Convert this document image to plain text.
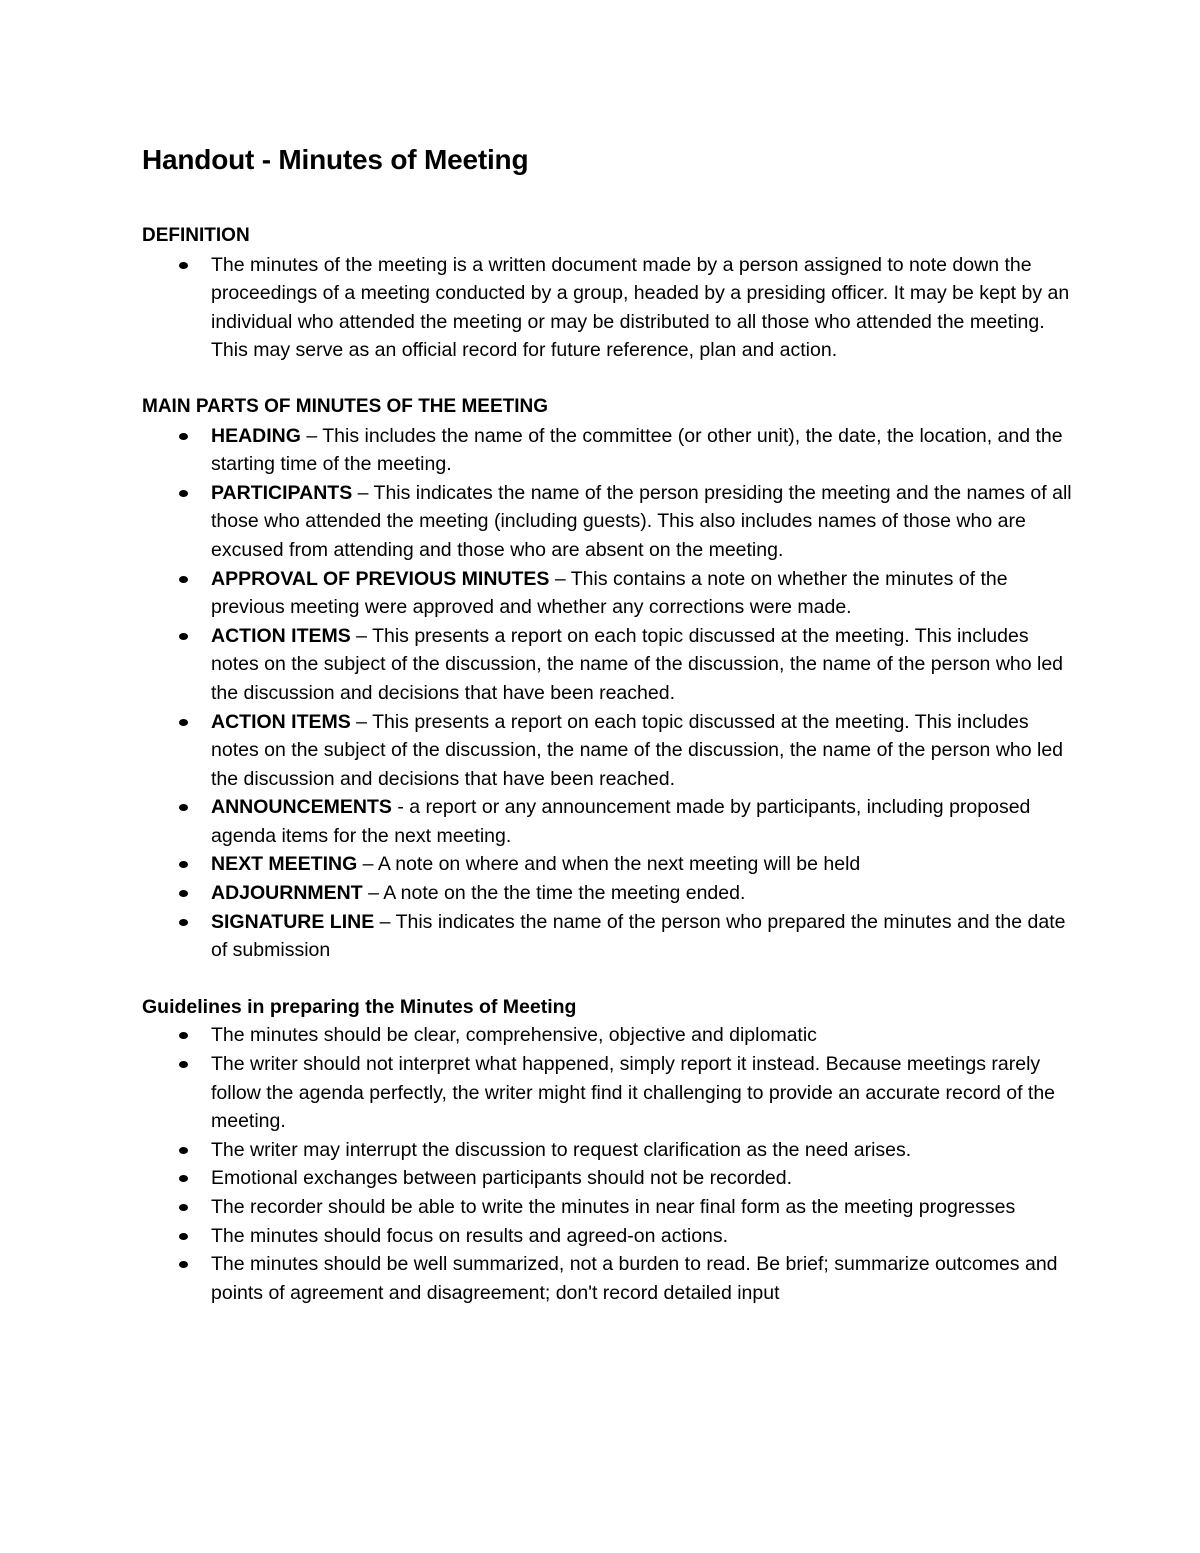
Handout - Minutes of Meeting
DEFINITION
The minutes of the meeting is a written document made by a person assigned to note down the proceedings of a meeting conducted by a group, headed by a presiding officer. It may be kept by an individual who attended the meeting or may be distributed to all those who attended the meeting. This may serve as an official record for future reference, plan and action.
MAIN PARTS OF MINUTES OF THE MEETING
HEADING – This includes the name of the committee (or other unit), the date, the location, and the starting time of the meeting.
PARTICIPANTS – This indicates the name of the person presiding the meeting and the names of all those who attended the meeting (including guests). This also includes names of those who are excused from attending and those who are absent on the meeting.
APPROVAL OF PREVIOUS MINUTES – This contains a note on whether the minutes of the previous meeting were approved and whether any corrections were made.
ACTION ITEMS – This presents a report on each topic discussed at the meeting. This includes notes on the subject of the discussion, the name of the discussion, the name of the person who led the discussion and decisions that have been reached.
ACTION ITEMS – This presents a report on each topic discussed at the meeting. This includes notes on the subject of the discussion, the name of the discussion, the name of the person who led the discussion and decisions that have been reached.
ANNOUNCEMENTS - a report or any announcement made by participants, including proposed agenda items for the next meeting.
NEXT MEETING – A note on where and when the next meeting will be held
ADJOURNMENT – A note on the the time the meeting ended.
SIGNATURE LINE – This indicates the name of the person who prepared the minutes and the date of submission
Guidelines in preparing the Minutes of Meeting
The minutes should be clear, comprehensive, objective and diplomatic
The writer should not interpret what happened, simply report it instead. Because meetings rarely follow the agenda perfectly, the writer might find it challenging to provide an accurate record of the meeting.
The writer may interrupt the discussion to request clarification as the need arises.
Emotional exchanges between participants should not be recorded.
The recorder should be able to write the minutes in near final form as the meeting progresses
The minutes should focus on results and agreed-on actions.
The minutes should be well summarized, not a burden to read. Be brief; summarize outcomes and points of agreement and disagreement; don't record detailed input
